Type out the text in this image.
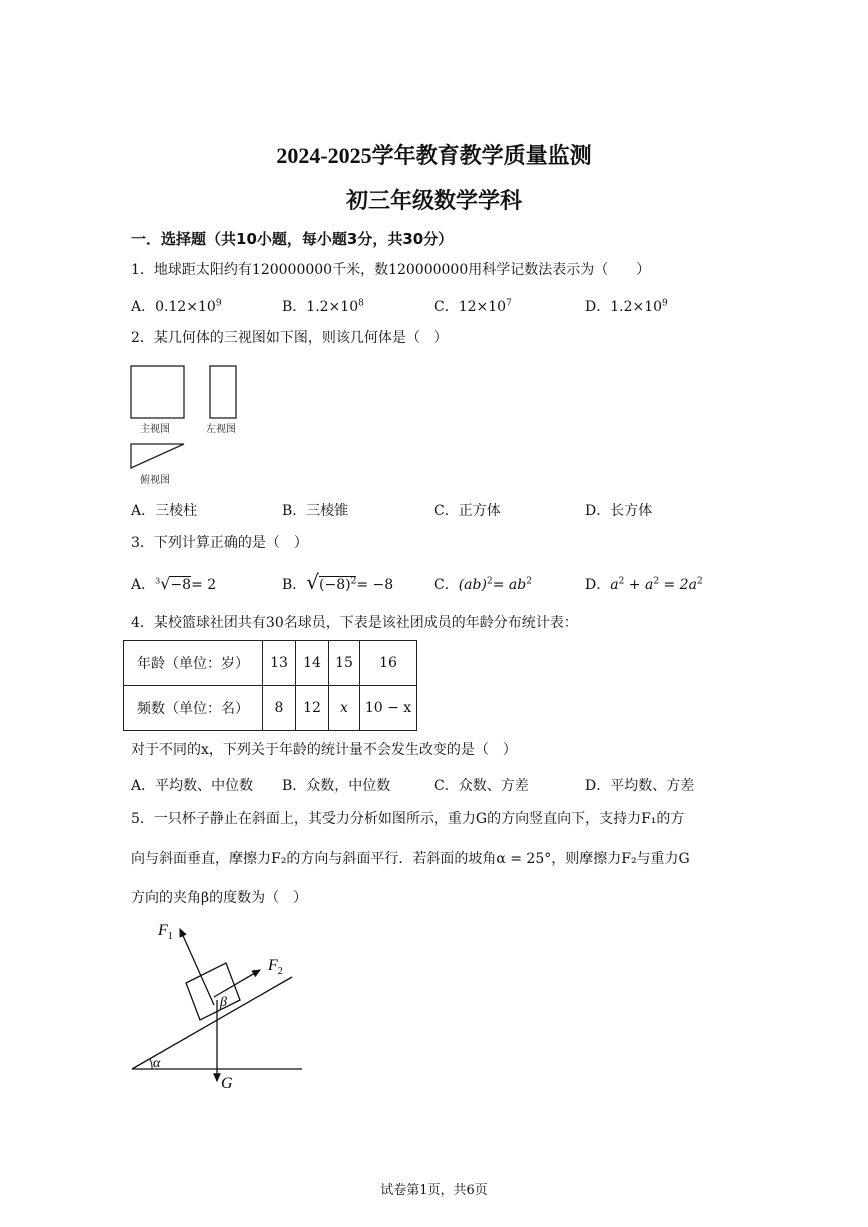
2024-2025学年教育教学质量监测
初三年级数学学科
一．选择题（共10小题，每小题3分，共30分）
1．地球距太阳约有120000000千米，数120000000用科学记数法表示为（　　）
A．$0.12\times 10^9$	B．$1.2\times 10^8$	C．$12\times 10^7$	D．$1.2\times 10^9$
2．某几何体的三视图如下图，则该几何体是（　）
主视图	左视图
俯视图
A．三棱柱	B．三棱锥	C．正方体	D．长方体
3．下列计算正确的是（　）
A．$^3$√−8= 2	B．$√(-8)^2= -8$	C．$(ab)^2= ab^2$	D．$a^2 + a^2 = 2a^2$
4．某校篮球社团共有30名球员，下表是该社团成员的年龄分布统计表：
年龄（单位：岁）	13	14	15	16
频数（单位：名）	8	12	x	10 − x
对于不同的x，下列关于年龄的统计量不会发生改变的是（　）
A．平均数、中位数 B．众数，中位数	C．众数、方差	D．平均数、方差
5．一只杯子静止在斜面上，其受力分析如图所示，重力G的方向竖直向下，支持力F₁的方
向与斜面垂直，摩擦力F₂的方向与斜面平行．若斜面的坡角α = 25°，则摩擦力F₂与重力G
方向的夹角β的度数为（　）
$F_1$
$F_2$
G
α
β
试卷第1页，共6页
